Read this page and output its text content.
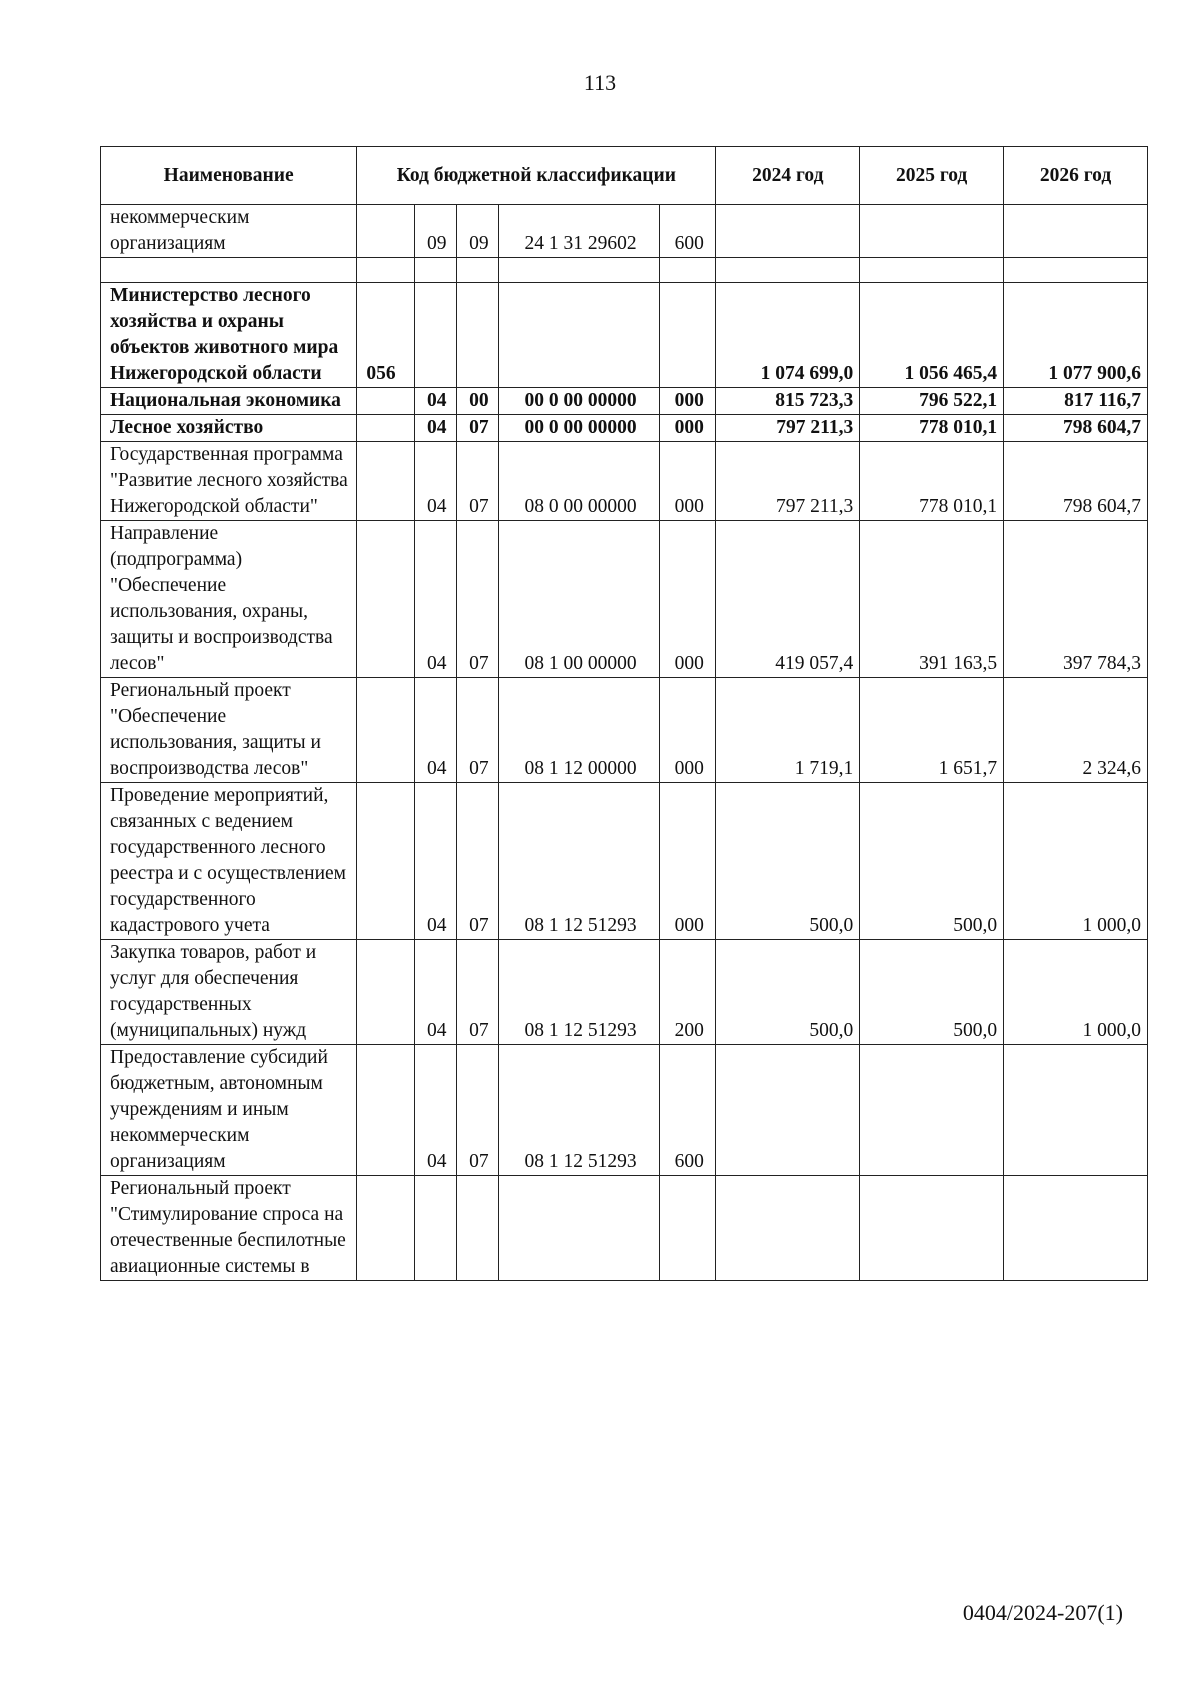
113
Наименование	Код бюджетной классификации					2024 год	2025 год	2026 год
некоммерческим организациям		09	09	24 1 31 29602	600			

Министерство лесного хозяйства и охраны объектов животного мира Нижегородской области	056					1 074 699,0	1 056 465,4	1 077 900,6
Национальная экономика		04	00	00 0 00 00000	000	815 723,3	796 522,1	817 116,7
Лесное хозяйство		04	07	00 0 00 00000	000	797 211,3	778 010,1	798 604,7
Государственная программа "Развитие лесного хозяйства Нижегородской области"		04	07	08 0 00 00000	000	797 211,3	778 010,1	798 604,7
Направление (подпрограмма) "Обеспечение использования, охраны, защиты и воспроизводства лесов"		04	07	08 1 00 00000	000	419 057,4	391 163,5	397 784,3
Региональный проект "Обеспечение использования, защиты и воспроизводства лесов"		04	07	08 1 12 00000	000	1 719,1	1 651,7	2 324,6
Проведение мероприятий, связанных с ведением государственного лесного реестра и с осуществлением государственного кадастрового учета		04	07	08 1 12 51293	000	500,0	500,0	1 000,0
Закупка товаров, работ и услуг для обеспечения государственных (муниципальных) нужд		04	07	08 1 12 51293	200	500,0	500,0	1 000,0
Предоставление субсидий бюджетным, автономным учреждениям и иным некоммерческим организациям		04	07	08 1 12 51293	600			
Региональный проект "Стимулирование спроса на отечественные беспилотные авиационные системы в								
0404/2024-207(1)
